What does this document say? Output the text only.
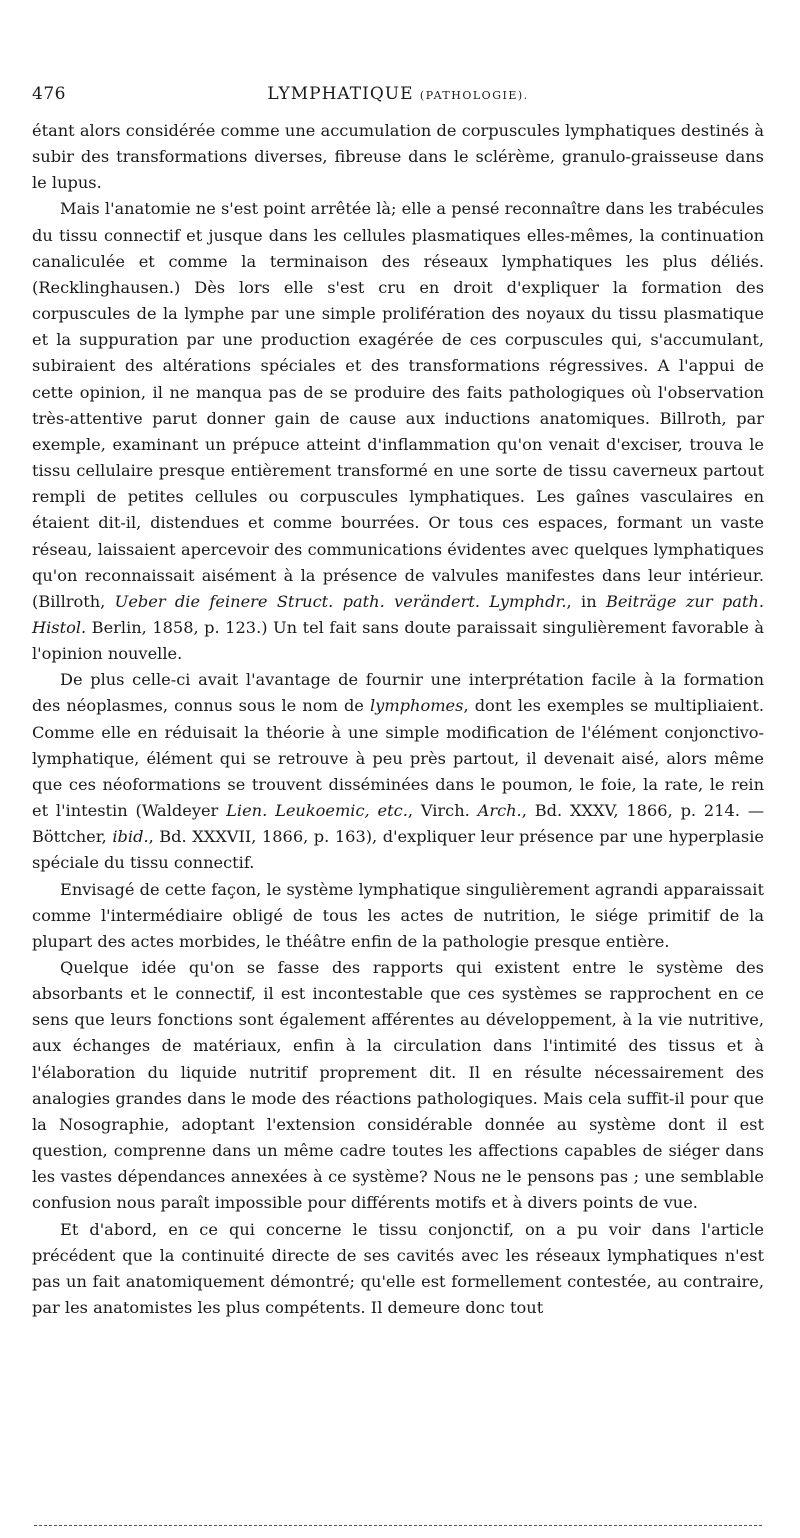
476	LYMPHATIQUE (PATHOLOGIE).

étant alors considérée comme une accumulation de corpuscules lymphatiques destinés à subir des transformations diverses, fibreuse dans le sclérème, granulo-graisseuse dans le lupus.

Mais l'anatomie ne s'est point arrêtée là; elle a pensé reconnaître dans les trabécules du tissu connectif et jusque dans les cellules plasmatiques elles-mêmes, la continuation canaliculée et comme la terminaison des réseaux lymphatiques les plus déliés. (Recklinghausen.) Dès lors elle s'est cru en droit d'expliquer la formation des corpuscules de la lymphe par une simple prolifération des noyaux du tissu plasmatique et la suppuration par une production exagérée de ces corpuscules qui, s'accumulant, subiraient des altérations spéciales et des transformations régressives. A l'appui de cette opinion, il ne manqua pas de se produire des faits pathologiques où l'observation très-attentive parut donner gain de cause aux inductions anatomiques. Billroth, par exemple, examinant un prépuce atteint d'inflammation qu'on venait d'exciser, trouva le tissu cellulaire presque entièrement transformé en une sorte de tissu caverneux partout rempli de petites cellules ou corpuscules lymphatiques. Les gaînes vasculaires en étaient dit-il, distendues et comme bourrées. Or tous ces espaces, formant un vaste réseau, laissaient apercevoir des communications évidentes avec quelques lymphatiques qu'on reconnaissait aisément à la présence de valvules manifestes dans leur intérieur. (Billroth, Ueber die feinere Struct. path. verändert. Lymphdr., in Beiträge zur path. Histol. Berlin, 1858, p. 123.) Un tel fait sans doute paraissait singulièrement favorable à l'opinion nouvelle.

De plus celle-ci avait l'avantage de fournir une interprétation facile à la formation des néoplasmes, connus sous le nom de lymphomes, dont les exemples se multipliaient. Comme elle en réduisait la théorie à une simple modification de l'élément conjonctivo-lymphatique, élément qui se retrouve à peu près partout, il devenait aisé, alors même que ces néoformations se trouvent disséminées dans le poumon, le foie, la rate, le rein et l'intestin (Waldeyer Lien. Leukoemic, etc., Virch. Arch., Bd. XXXV, 1866, p. 214. — Böttcher, ibid., Bd. XXXVII, 1866, p. 163), d'expliquer leur présence par une hyperplasie spéciale du tissu connectif.

Envisagé de cette façon, le système lymphatique singulièrement agrandi apparaissait comme l'intermédiaire obligé de tous les actes de nutrition, le siége primitif de la plupart des actes morbides, le théâtre enfin de la pathologie presque entière.

Quelque idée qu'on se fasse des rapports qui existent entre le système des absorbants et le connectif, il est incontestable que ces systèmes se rapprochent en ce sens que leurs fonctions sont également afférentes au développement, à la vie nutritive, aux échanges de matériaux, enfin à la circulation dans l'intimité des tissus et à l'élaboration du liquide nutritif proprement dit. Il en résulte nécessairement des analogies grandes dans le mode des réactions pathologiques. Mais cela suffit-il pour que la Nosographie, adoptant l'extension considérable donnée au système dont il est question, comprenne dans un même cadre toutes les affections capables de siéger dans les vastes dépendances annexées à ce système? Nous ne le pensons pas ; une semblable confusion nous paraît impossible pour différents motifs et à divers points de vue.

Et d'abord, en ce qui concerne le tissu conjonctif, on a pu voir dans l'article précédent que la continuité directe de ses cavités avec les réseaux lymphatiques n'est pas un fait anatomiquement démontré; qu'elle est formellement contestée, au contraire, par les anatomistes les plus compétents. Il demeure donc tout
